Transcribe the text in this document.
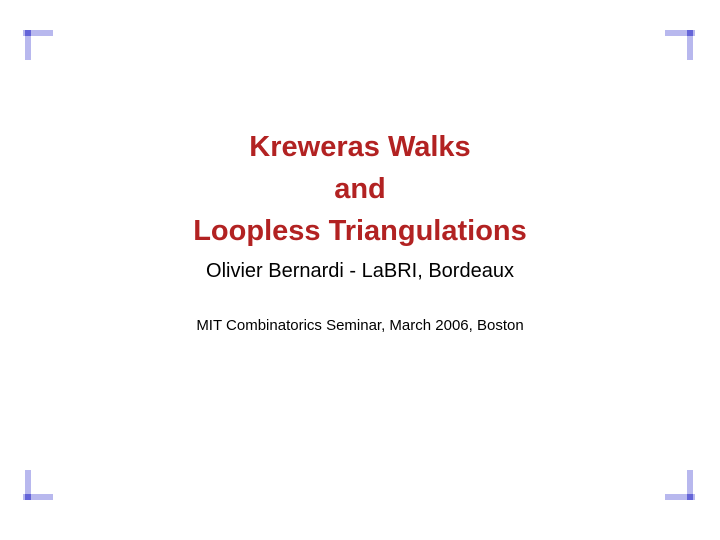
Kreweras Walks
and
Loopless Triangulations
Olivier Bernardi - LaBRI, Bordeaux
MIT Combinatorics Seminar, March 2006, Boston
